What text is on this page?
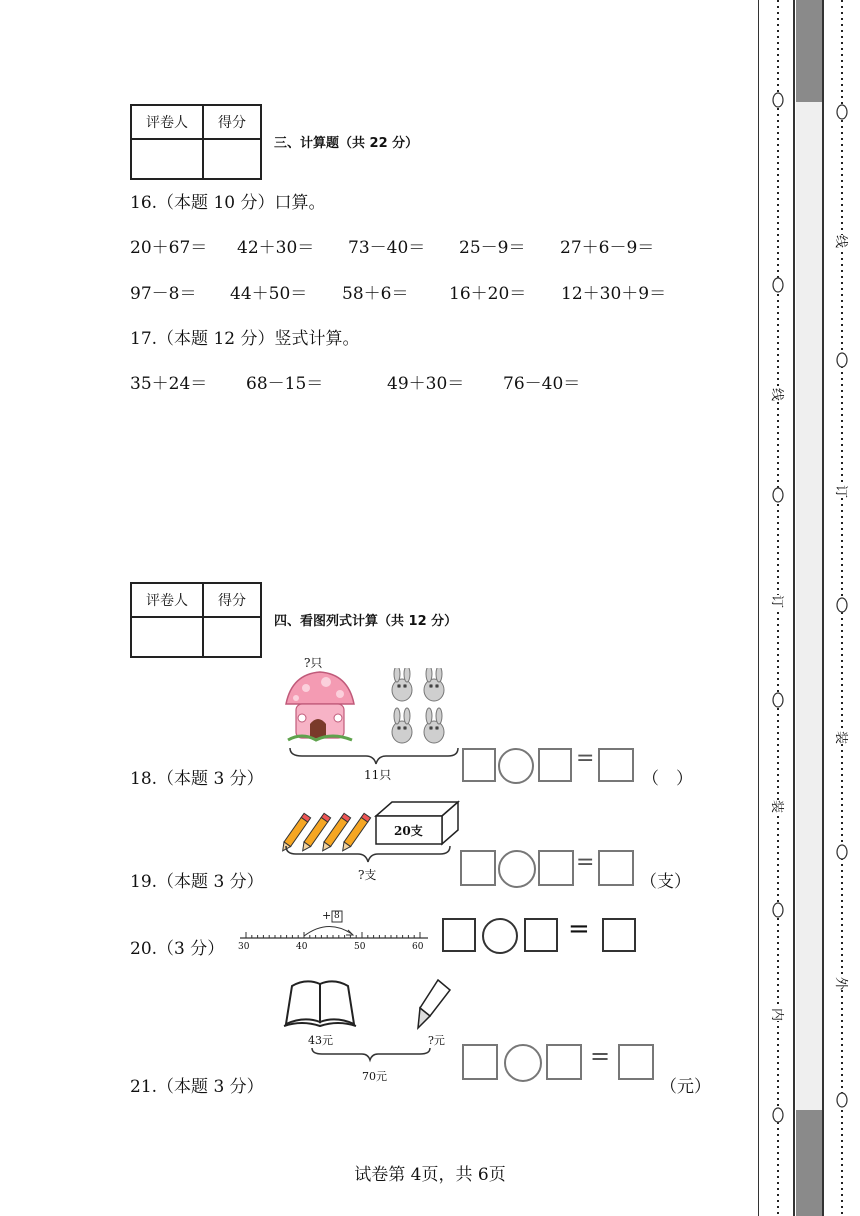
评卷人	得分

三、计算题（共 22 分）
16.（本题 10 分）口算。
20＋67＝ 42＋30＝ 73－40＝ 25－9＝ 27＋6－9＝
97－8＝ 44＋50＝ 58＋6＝ 16＋20＝ 12＋30＋9＝
17.（本题 12 分）竖式计算。
35＋24＝ 68－15＝	49＋30＝ 76－40＝
评卷人	得分

四、看图列式计算（共 12 分）
?只
11只
18.（本题 3 分）
=
（　）
20支
?支
19.（本题 3 分）
=
（支）
20.（3 分）
+ 8
30	40	50	60
=
43元	?元
70元
21.（本题 3 分）
=
（元）
试卷第 4页，共 6页
线
订
装
内
线
订
装
外
